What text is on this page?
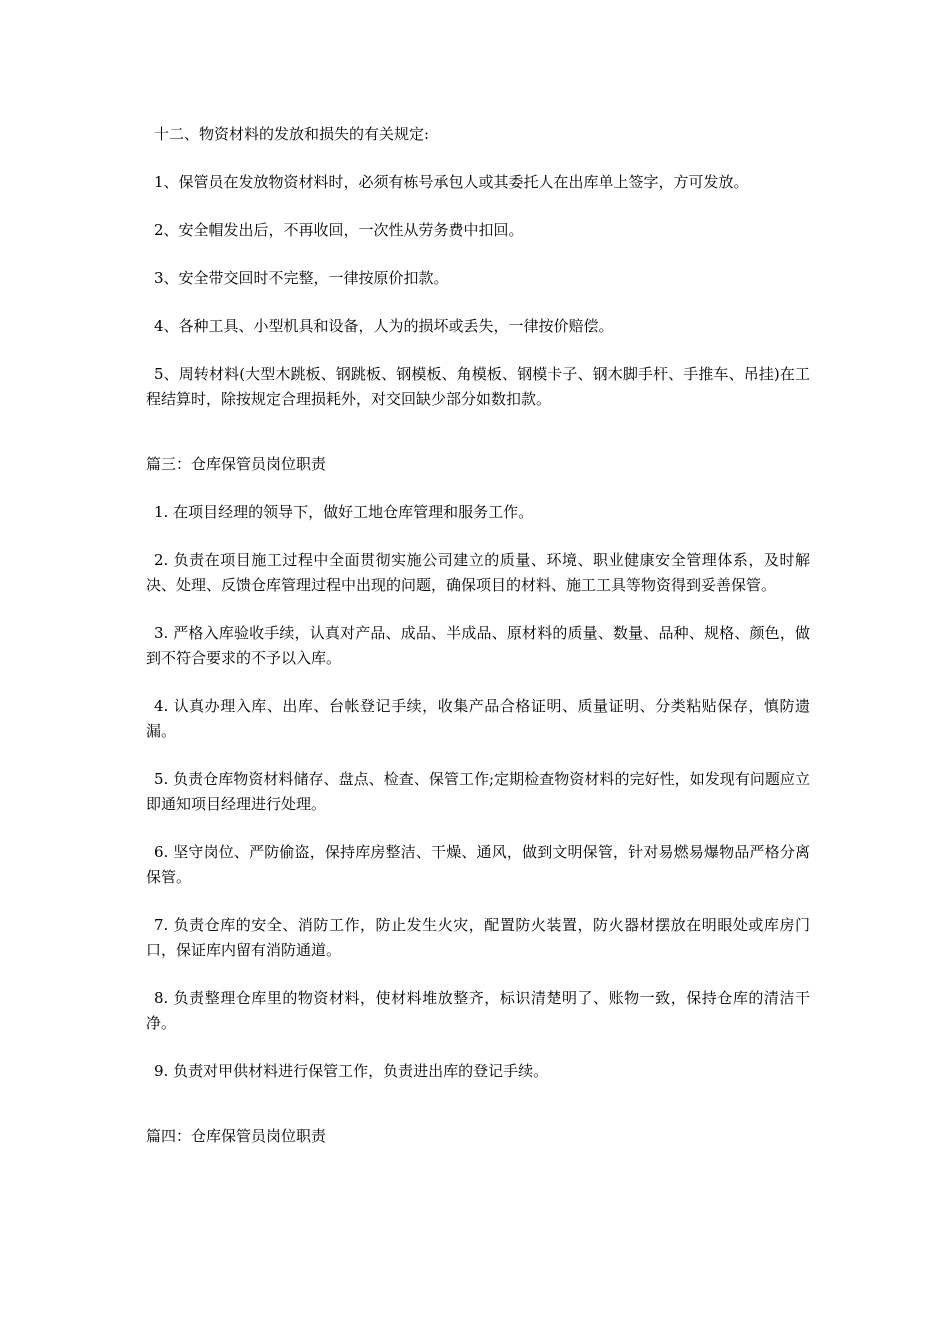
十二、物资材料的发放和损失的有关规定:

1、保管员在发放物资材料时，必须有栋号承包人或其委托人在出库单上签字，方可发放。

2、安全帽发出后，不再收回，一次性从劳务费中扣回。

3、安全带交回时不完整，一律按原价扣款。

4、各种工具、小型机具和设备，人为的损坏或丢失，一律按价赔偿。

5、周转材料(大型木跳板、钢跳板、钢模板、角模板、钢模卡子、钢木脚手杆、手推车、吊挂)在工程结算时，除按规定合理损耗外，对交回缺少部分如数扣款。

篇三：仓库保管员岗位职责

1. 在项目经理的领导下，做好工地仓库管理和服务工作。

2. 负责在项目施工过程中全面贯彻实施公司建立的质量、环境、职业健康安全管理体系，及时解决、处理、反馈仓库管理过程中出现的问题，确保项目的材料、施工工具等物资得到妥善保管。

3. 严格入库验收手续，认真对产品、成品、半成品、原材料的质量、数量、品种、规格、颜色，做到不符合要求的不予以入库。

4. 认真办理入库、出库、台帐登记手续，收集产品合格证明、质量证明、分类粘贴保存，慎防遗漏。

5. 负责仓库物资材料储存、盘点、检查、保管工作;定期检查物资材料的完好性，如发现有问题应立即通知项目经理进行处理。

6. 坚守岗位、严防偷盗，保持库房整洁、干燥、通风，做到文明保管，针对易燃易爆物品严格分离保管。

7. 负责仓库的安全、消防工作，防止发生火灾，配置防火装置，防火器材摆放在明眼处或库房门口，保证库内留有消防通道。

8. 负责整理仓库里的物资材料，使材料堆放整齐，标识清楚明了、账物一致，保持仓库的清洁干净。

9. 负责对甲供材料进行保管工作，负责进出库的登记手续。

篇四：仓库保管员岗位职责
